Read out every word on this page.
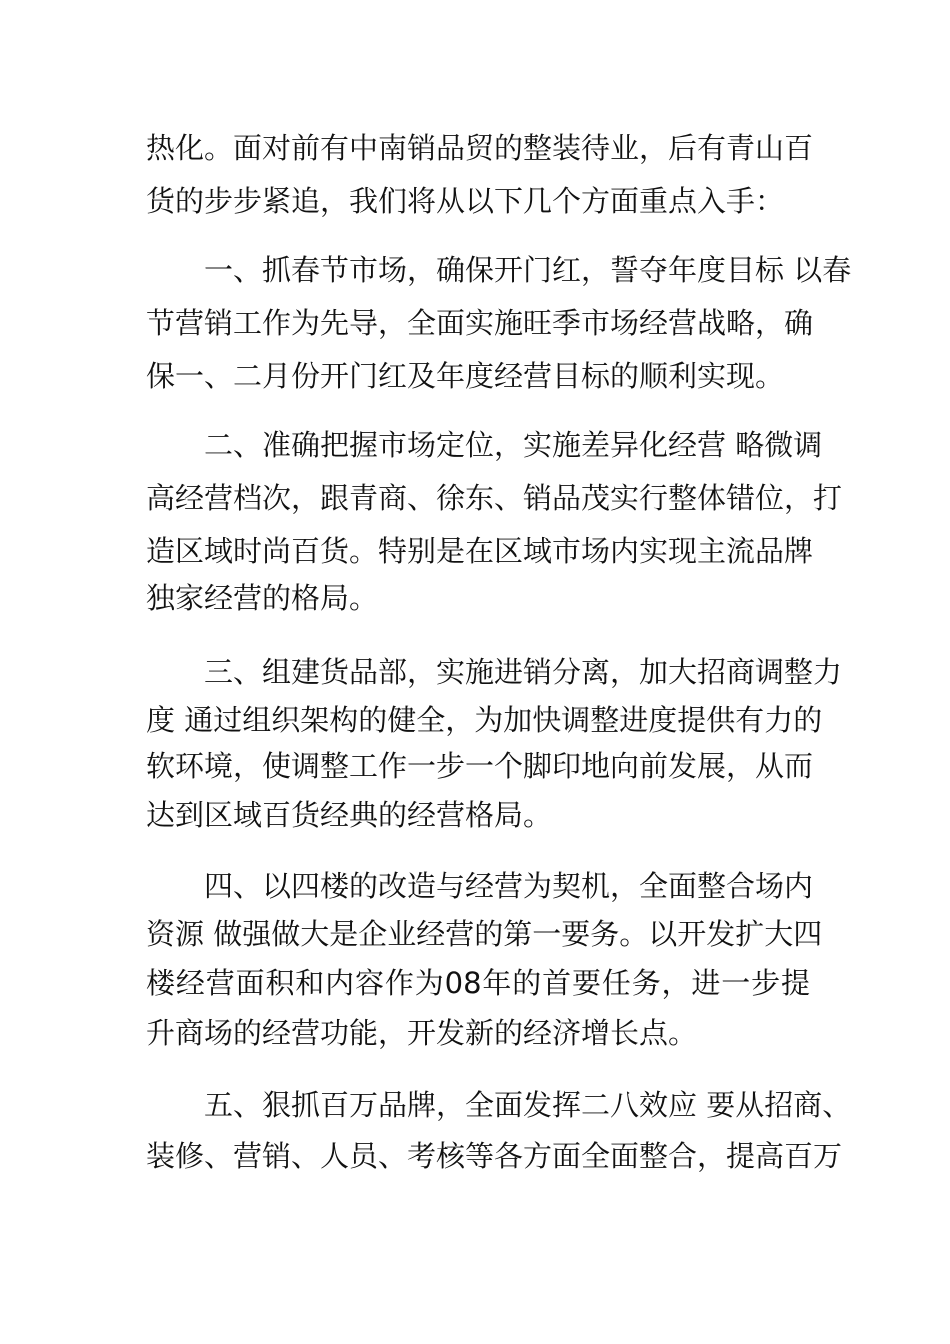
热化。面对前有中南销品贸的整装待业，后有青山百
货的步步紧追，我们将从以下几个方面重点入手：
一、抓春节市场，确保开门红，誓夺年度目标 以春
节营销工作为先导，全面实施旺季市场经营战略，确
保一、二月份开门红及年度经营目标的顺利实现。
二、准确把握市场定位，实施差异化经营 略微调
高经营档次，跟青商、徐东、销品茂实行整体错位，打
造区域时尚百货。特别是在区域市场内实现主流品牌
独家经营的格局。
三、组建货品部，实施进销分离，加大招商调整力
度 通过组织架构的健全，为加快调整进度提供有力的
软环境，使调整工作一步一个脚印地向前发展，从而
达到区域百货经典的经营格局。
四、以四楼的改造与经营为契机，全面整合场内
资源 做强做大是企业经营的第一要务。以开发扩大四
楼经营面积和内容作为08年的首要任务，进一步提
升商场的经营功能，开发新的经济增长点。
五、狠抓百万品牌，全面发挥二八效应 要从招商、
装修、营销、人员、考核等各方面全面整合，提高百万
